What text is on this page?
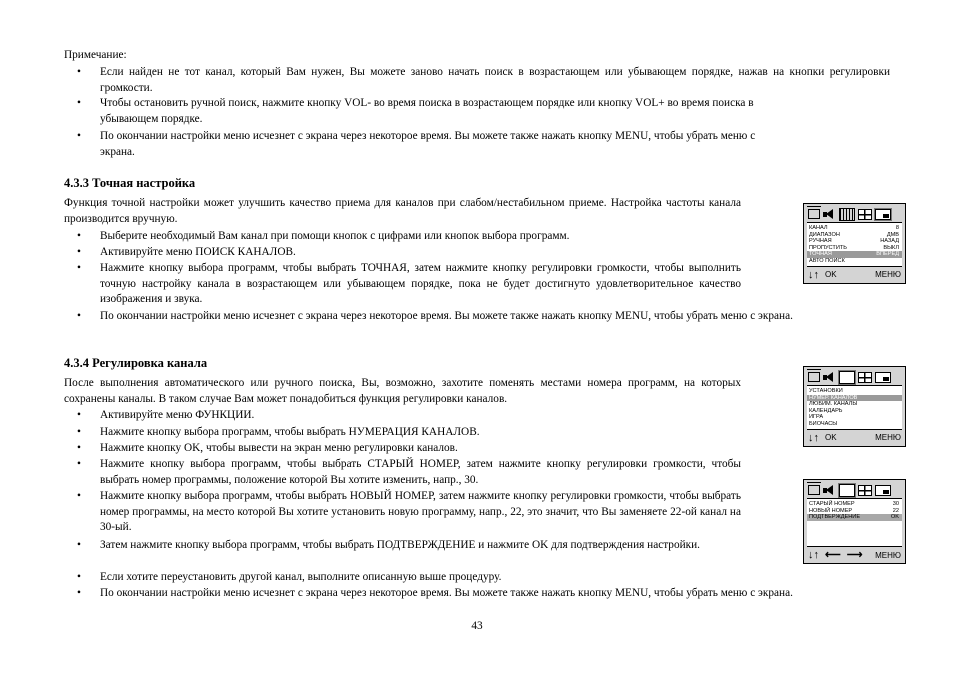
Примечание:
• Если найден не тот канал, который Вам нужен, Вы можете заново начать поиск в возрастающем или убывающем порядке, нажав на кнопки регулировки громкости.
• Чтобы остановить ручной поиск, нажмите кнопку VOL- во время поиска в возрастающем порядке или кнопку VOL+ во время поиска в убывающем порядке.
• По окончании настройки меню исчезнет с экрана через некоторое время. Вы можете также нажать кнопку MENU, чтобы убрать меню с экрана.
4.3.3 Точная настройка
Функция точной настройки может улучшить качество приема для каналов при слабом/нестабильном приеме. Настройка частоты канала производится вручную.
• Выберите необходимый Вам канал при помощи кнопок с цифрами или кнопок выбора программ.
• Активируйте меню ПОИСК КАНАЛОВ.
• Нажмите кнопку выбора программ, чтобы выбрать ТОЧНАЯ, затем нажмите кнопку регулировки громкости, чтобы выполнить точную настройку канала в возрастающем или убывающем порядке, пока не будет достигнуто удовлетворительное качество изображения и звука.
• По окончании настройки меню исчезнет с экрана через некоторое время. Вы можете также нажать кнопку MENU, чтобы убрать меню с экрана.
4.3.4 Регулировка канала
После выполнения автоматического или ручного поиска, Вы, возможно, захотите поменять местами номера программ, на которых сохранены каналы. В таком случае Вам может понадобиться функция регулировки каналов.
• Активируйте меню ФУНКЦИИ.
• Нажмите кнопку выбора программ, чтобы выбрать НУМЕРАЦИЯ КАНАЛОВ.
• Нажмите кнопку OK, чтобы вывести на экран меню регулировки каналов.
• Нажмите кнопку выбора программ, чтобы выбрать СТАРЫЙ НОМЕР, затем нажмите кнопку регулировки громкости, чтобы выбрать номер программы, положение которой Вы хотите изменить, напр., 30.
• Нажмите кнопку выбора программ, чтобы выбрать НОВЫЙ НОМЕР, затем нажмите кнопку регулировки громкости, чтобы выбрать номер программы, на место которой Вы хотите установить новую программу, напр., 22, это значит, что Вы заменяете 22-ой канал на 30-ый.
• Затем нажмите кнопку выбора программ, чтобы выбрать ПОДТВЕРЖДЕНИЕ и нажмите OK для подтверждения настройки.
• Если хотите переустановить другой канал, выполните описанную выше процедуру.
• По окончании настройки меню исчезнет с экрана через некоторое время. Вы можете также нажать кнопку MENU, чтобы убрать меню с экрана.
43
КАНАЛ	8
ДИАПАЗОН	ДМВ
РУЧНАЯ	НАЗАД
ПРОПУСТИТЬ	ВЫКЛ
ТОЧНАЯ	ВПЕРЕД
АВТО ПОИСК
↓↑ OK	МЕНЮ
УСТАНОВКИ
НУМЕР. КАНАЛОВ
ЛЮБИМ. КАНАЛЫ
КАЛЕНДАРЬ
ИГРА
БИОЧАСЫ
↓↑ OK	МЕНЮ
СТАРЫЙ НОМЕР	30
НОВЫЙ НОМЕР	22
ПОДТВЕРЖДЕНИЕ	OK
↓↑ ⟵ ⟶ МЕНЮ
